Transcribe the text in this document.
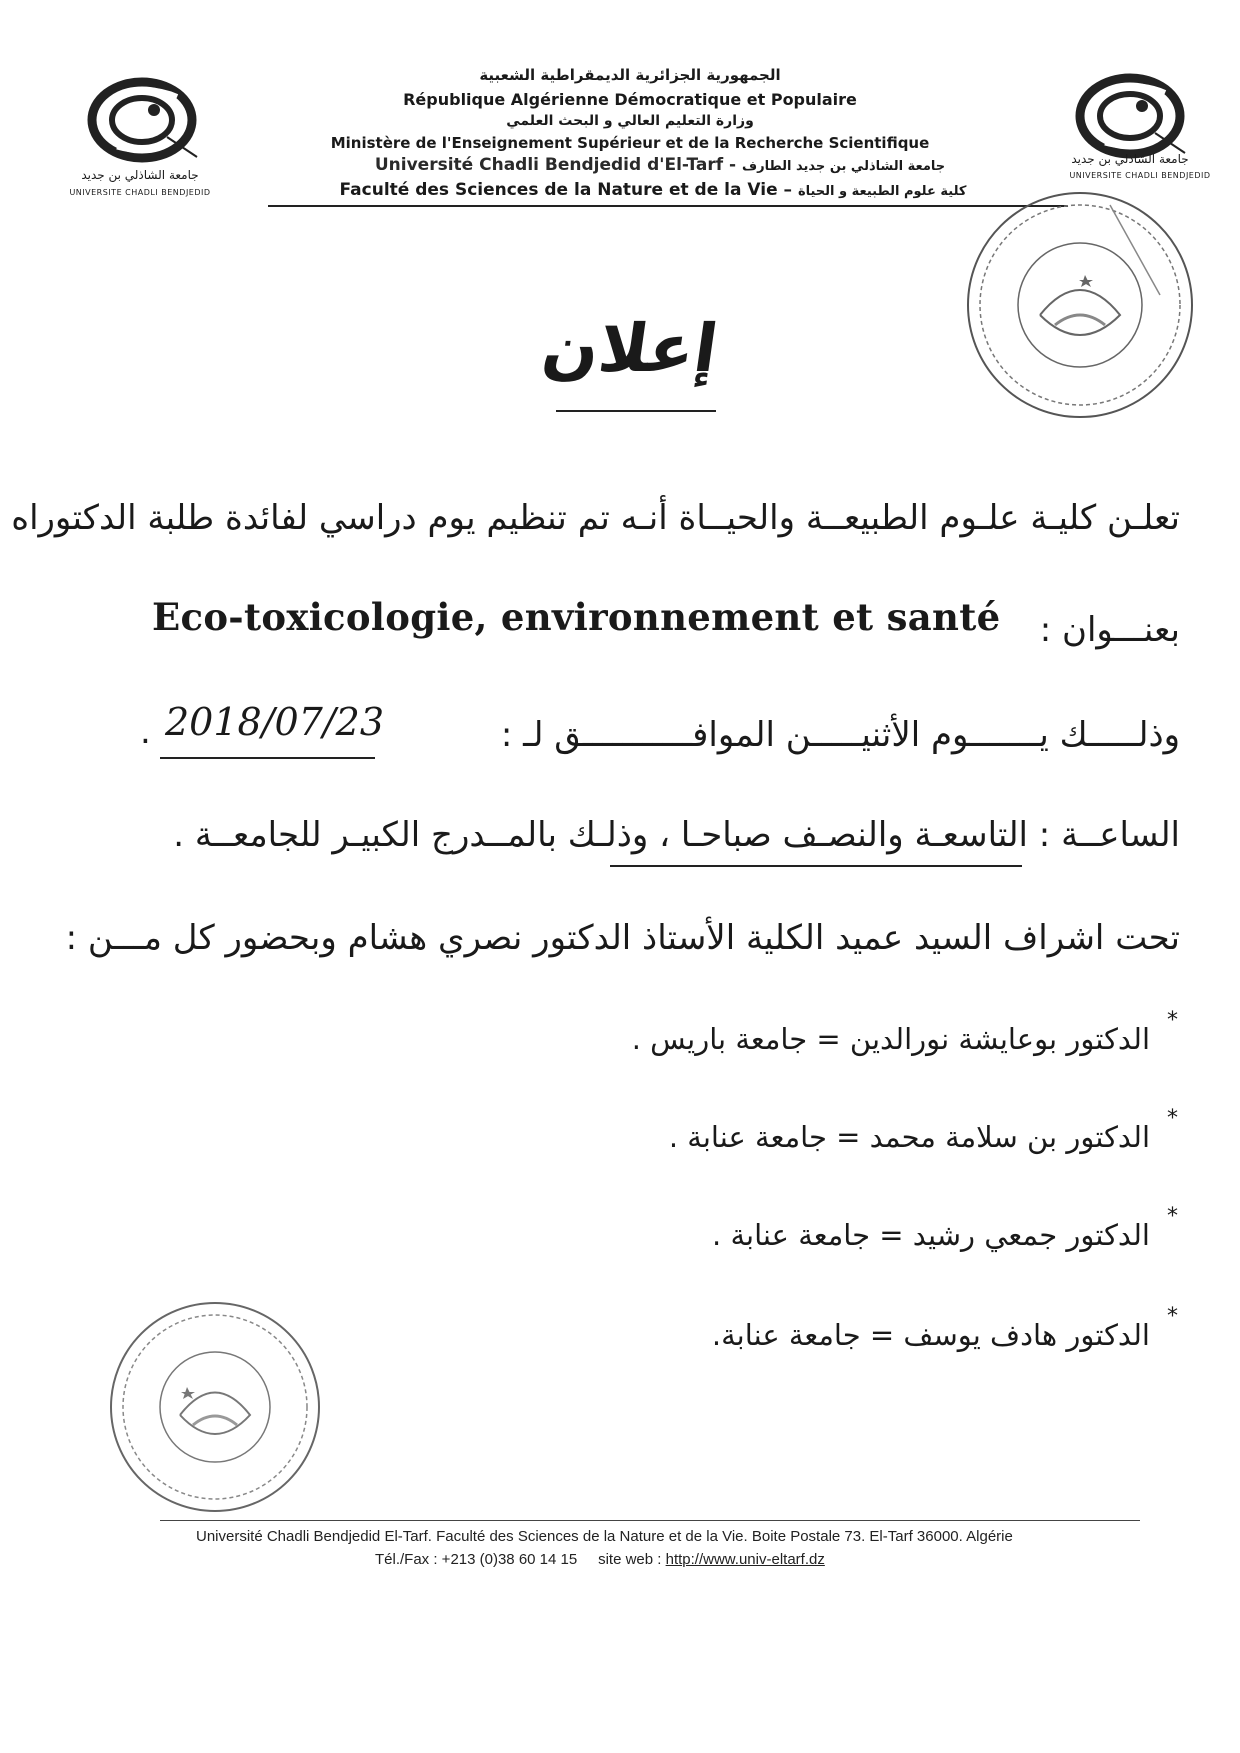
جامعة الشاذلي بن جديد
UNIVERSITE CHADLI BENDJEDID
جامعة الشاذلي بن جديد
UNIVERSITE CHADLI BENDJEDID
الجمهورية الجزائرية الديمقراطية الشعبية
République Algérienne Démocratique et Populaire
وزارة التعليم العالي و البحث العلمي
Ministère de l'Enseignement Supérieur et de la Recherche Scientifique
Université Chadli Bendjedid d'El-Tarf - جامعة الشاذلي بن جديد الطارف
Faculté des Sciences de la Nature et de la Vie – كلية علوم الطبيعة و الحياة
إعلان
تعلـن كليـة علـوم الطبيعــة والحيــاة أنـه تم تنظيم يوم دراسي لفائدة طلبة الدكتوراه
بعنـــوان :
Eco-toxicologie, environnement et santé
وذلـــــك يـــــــوم الأثنيـــــن الموافـــــــــــق لـ :
2018/07/23
.
الساعــة : التاسعـة والنصـف صباحـا ، وذلـك بالمــدرج الكبيـر للجامعــة .
تحت اشراف السيد عميد الكلية الأستاذ الدكتور نصري هشام وبحضور كل مـــن :
*
الدكتور بوعايشة نورالدين = جامعة باريس .
*
الدكتور بن سلامة محمد = جامعة عنابة .
*
الدكتور جمعي رشيد = جامعة عنابة .
*
الدكتور هادف يوسف = جامعة عنابة.
Université Chadli Bendjedid El-Tarf. Faculté des Sciences de la Nature et de la Vie. Boite Postale 73. El-Tarf 36000. Algérie
Tél./Fax : +213 (0)38 60 14 15 site web : http://www.univ-eltarf.dz
